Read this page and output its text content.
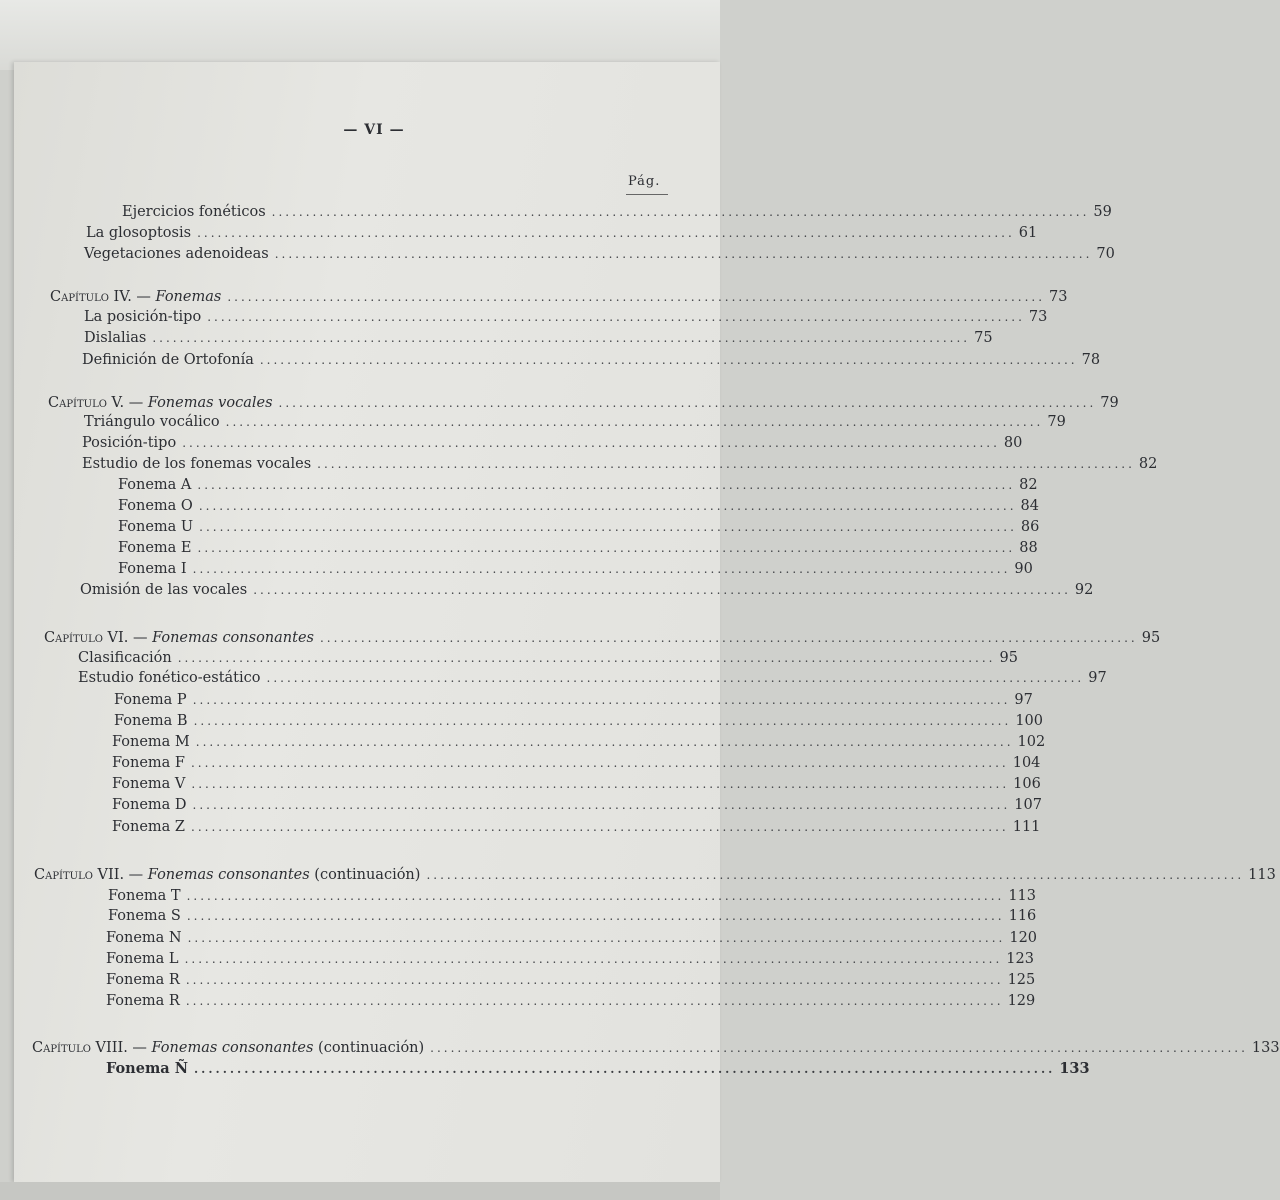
— VI —
Pág.
Ejercicios fonéticos ........................................................................................................................ 59
La glosoptosis ........................................................................................................................ 61
Vegetaciones adenoideas ........................................................................................................................ 70
Capítulo IV. — Fonemas ........................................................................................................................ 73
La posición-tipo ........................................................................................................................ 73
Dislalias ........................................................................................................................ 75
Definición de Ortofonía ........................................................................................................................ 78
Capítulo V. — Fonemas vocales ........................................................................................................................ 79
Triángulo vocálico ........................................................................................................................ 79
Posición-tipo ........................................................................................................................ 80
Estudio de los fonemas vocales ........................................................................................................................ 82
Fonema A ........................................................................................................................ 82
Fonema O ........................................................................................................................ 84
Fonema U ........................................................................................................................ 86
Fonema E ........................................................................................................................ 88
Fonema I ........................................................................................................................ 90
Omisión de las vocales ........................................................................................................................ 92
Capítulo VI. — Fonemas consonantes ........................................................................................................................ 95
Clasificación ........................................................................................................................ 95
Estudio fonético-estático ........................................................................................................................ 97
Fonema P ........................................................................................................................ 97
Fonema B ........................................................................................................................ 100
Fonema M ........................................................................................................................ 102
Fonema F ........................................................................................................................ 104
Fonema V ........................................................................................................................ 106
Fonema D ........................................................................................................................ 107
Fonema Z ........................................................................................................................ 111
Capítulo VII. — Fonemas consonantes (continuación) ........................................................................................................................ 113
Fonema T ........................................................................................................................ 113
Fonema S ........................................................................................................................ 116
Fonema N ........................................................................................................................ 120
Fonema L ........................................................................................................................ 123
Fonema R ........................................................................................................................ 125
Fonema R ........................................................................................................................ 129
Capítulo VIII. — Fonemas consonantes (continuación) ........................................................................................................................ 133
Fonema Ñ ........................................................................................................................ 133
